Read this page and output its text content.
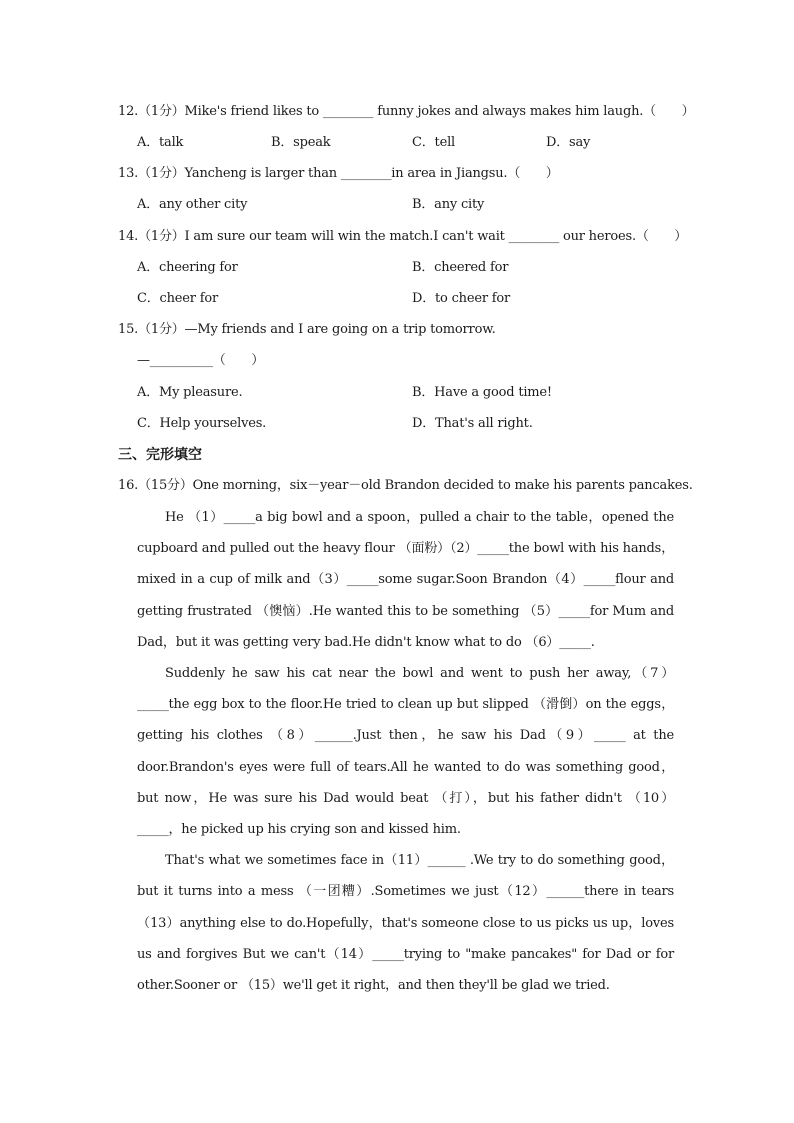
12.（1分）Mike's friend likes to ________ funny jokes and always makes him laugh.（　　）
A．talk	B．speak	C．tell	D．say
13.（1分）Yancheng is larger than ________in area in Jiangsu.（　　）
A．any other city	B．any city
14.（1分）I am sure our team will win the match.I can't wait ________ our heroes.（　　）
A．cheering for	B．cheered for
C．cheer for	D．to cheer for
15.（1分）—My friends and I are going on a trip tomorrow.
—__________（　　）
A．My pleasure.	B．Have a good time!
C．Help yourselves.	D．That's all right.
三、完形填空
16.（15分）One morning，six－year－old Brandon decided to make his parents pancakes.

He （1）_____a big bowl and a spoon，pulled a chair to the table，opened the cupboard and pulled out the heavy flour （面粉）（2）_____the bowl with his hands，mixed in a cup of milk and（3）_____some sugar.Soon Brandon（4）_____flour and getting frustrated （懊恼）.He wanted this to be something （5）_____for Mum and Dad，but it was getting very bad.He didn't know what to do （6）_____.

Suddenly he saw his cat near the bowl and went to push her away,（7）_____the egg box to the floor.He tried to clean up but slipped （滑倒）on the eggs，getting his clothes （8）______.Just then，he saw his Dad（9）_____ at the door.Brandon's eyes were full of tears.All he wanted to do was something good，but now，He was sure his Dad would beat （打），but his father didn't （10）_____，he picked up his crying son and kissed him.

That's what we sometimes face in（11）______ .We try to do something good，but it turns into a mess （一团糟）.Sometimes we just（12）______there in tears（13）anything else to do.Hopefully，that's someone close to us picks us up，loves us and forgives But we can't（14）_____trying to "make pancakes" for Dad or for other.Sooner or （15）we'll get it right，and then they'll be glad we tried.
